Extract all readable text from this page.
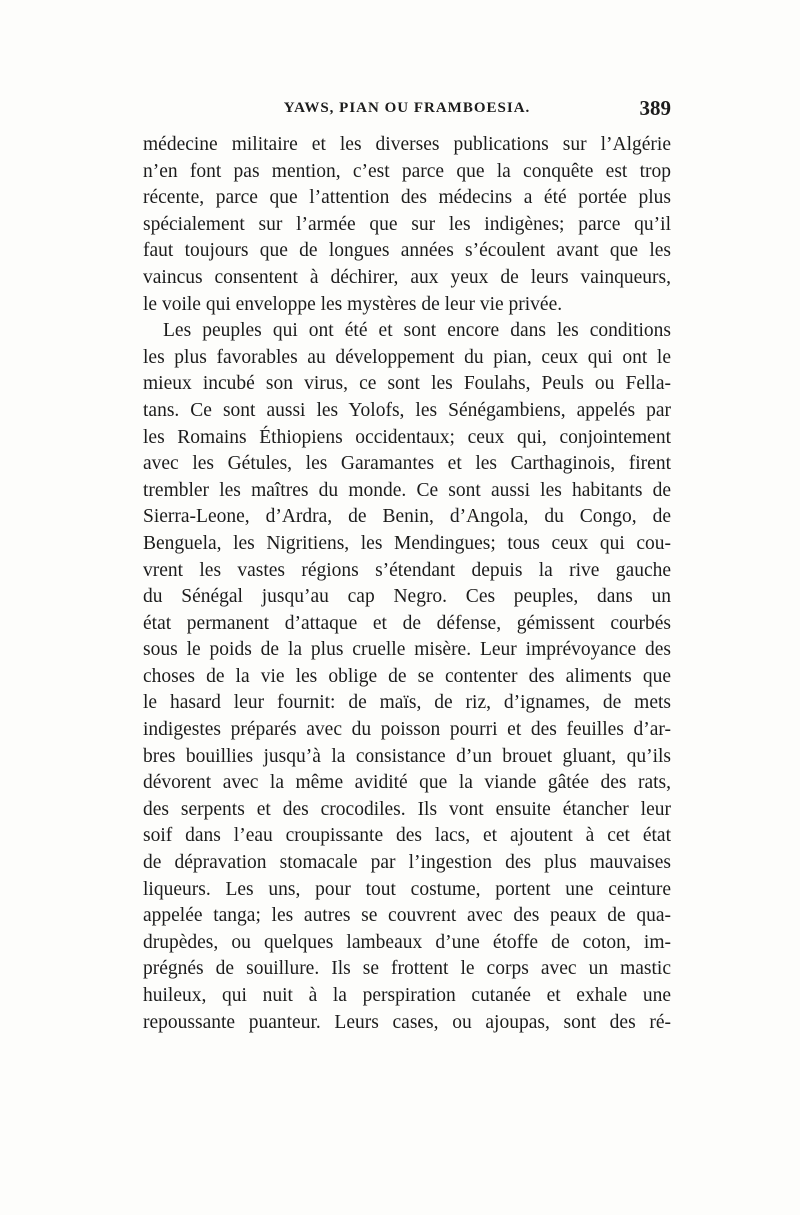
YAWS, PIAN OU FRAMBOESIA.	389
médecine militaire et les diverses publications sur l’Algérie
n’en font pas mention, c’est parce que la conquête est trop
récente, parce que l’attention des médecins a été portée plus
spécialement sur l’armée que sur les indigènes; parce qu’il
faut toujours que de longues années s’écoulent avant que les
vaincus consentent à déchirer, aux yeux de leurs vainqueurs,
le voile qui enveloppe les mystères de leur vie privée.
Les peuples qui ont été et sont encore dans les conditions
les plus favorables au développement du pian, ceux qui ont le
mieux incubé son virus, ce sont les Foulahs, Peuls ou Fella-
tans. Ce sont aussi les Yolofs, les Sénégambiens, appelés par
les Romains Éthiopiens occidentaux; ceux qui, conjointement
avec les Gétules, les Garamantes et les Carthaginois, firent
trembler les maîtres du monde. Ce sont aussi les habitants de
Sierra-Leone, d’Ardra, de Benin, d’Angola, du Congo, de
Benguela, les Nigritiens, les Mendingues; tous ceux qui cou-
vrent les vastes régions s’étendant depuis la rive gauche
du Sénégal jusqu’au cap Negro. Ces peuples, dans un
état permanent d’attaque et de défense, gémissent courbés
sous le poids de la plus cruelle misère. Leur imprévoyance des
choses de la vie les oblige de se contenter des aliments que
le hasard leur fournit: de maïs, de riz, d’ignames, de mets
indigestes préparés avec du poisson pourri et des feuilles d’ar-
bres bouillies jusqu’à la consistance d’un brouet gluant, qu’ils
dévorent avec la même avidité que la viande gâtée des rats,
des serpents et des crocodiles. Ils vont ensuite étancher leur
soif dans l’eau croupissante des lacs, et ajoutent à cet état
de dépravation stomacale par l’ingestion des plus mauvaises
liqueurs. Les uns, pour tout costume, portent une ceinture
appelée tanga; les autres se couvrent avec des peaux de qua-
drupèdes, ou quelques lambeaux d’une étoffe de coton, im-
prégnés de souillure. Ils se frottent le corps avec un mastic
huileux, qui nuit à la perspiration cutanée et exhale une
repoussante puanteur. Leurs cases, ou ajoupas, sont des ré-
